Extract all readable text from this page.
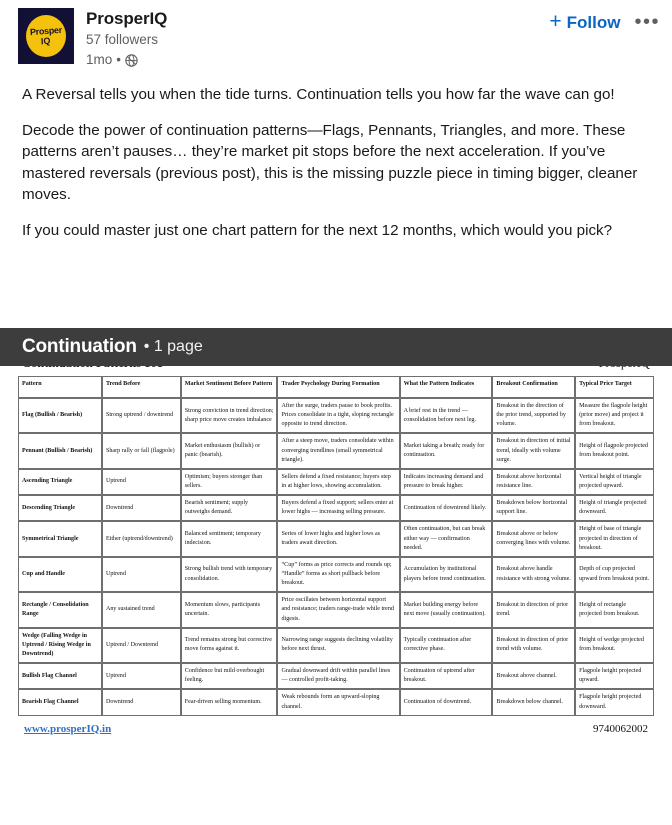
Prosper
IQ
ProsperIQ
57 followers
1mo •
+ Follow •••

A Reversal tells you when the tide turns. Continuation tells you how far the wave can go!

Decode the power of continuation patterns—Flags, Pennants, Triangles, and more. These patterns aren’t pauses… they’re market pit stops before the next acceleration. If you’ve mastered reversals (previous post), this is the missing puzzle piece in timing bigger, cleaner moves.

If you could master just one chart pattern for the next 12 months, which would you pick?

Continuation • 1 page
Pattern	Trend Before	Market Sentiment Before Pattern	Trader Psychology During Formation	What the Pattern Indicates	Breakout Confirmation	Typical Price Target
Flag (Bullish / Bearish)	Strong uptrend / downtrend	Strong conviction in trend direction; sharp price move creates imbalance	After the surge, traders pause to book profits. Prices consolidate in a tight, sloping rectangle opposite to trend direction.	A brief rest in the trend — consolidation before next leg.	Breakout in the direction of the prior trend, supported by volume.	Measure the flagpole height (prior move) and project it from breakout.
Pennant (Bullish / Bearish)	Sharp rally or fall (flagpole)	Market enthusiasm (bullish) or panic (bearish).	After a steep move, traders consolidate within converging trendlines (small symmetrical triangle).	Market taking a breath; ready for continuation.	Breakout in direction of initial trend, ideally with volume surge.	Height of flagpole projected from breakout point.
Ascending Triangle	Uptrend	Optimism; buyers stronger than sellers.	Sellers defend a fixed resistance; buyers step in at higher lows, showing accumulation.	Indicates increasing demand and pressure to break higher.	Breakout above horizontal resistance line.	Vertical height of triangle projected upward.
Descending Triangle	Downtrend	Bearish sentiment; supply outweighs demand.	Buyers defend a fixed support; sellers enter at lower highs — increasing selling pressure.	Continuation of downtrend likely.	Breakdown below horizontal support line.	Height of triangle projected downward.
Symmetrical Triangle	Either (uptrend/downtrend)	Balanced sentiment; temporary indecision.	Series of lower highs and higher lows as traders await direction.	Often continuation, but can break either way — confirmation needed.	Breakout above or below converging lines with volume.	Height of base of triangle projected in direction of breakout.
Cup and Handle	Uptrend	Strong bullish trend with temporary consolidation.	“Cup” forms as price corrects and rounds up; “Handle” forms as short pullback before breakout.	Accumulation by institutional players before trend continuation.	Breakout above handle resistance with strong volume.	Depth of cup projected upward from breakout point.
Rectangle / Consolidation Range	Any sustained trend	Momentum slows, participants uncertain.	Price oscillates between horizontal support and resistance; traders range-trade while trend digests.	Market building energy before next move (usually continuation).	Breakout in direction of prior trend.	Height of rectangle projected from breakout.
Wedge (Falling Wedge in Uptrend / Rising Wedge in Downtrend)	Uptrend / Downtrend	Trend remains strong but corrective move forms against it.	Narrowing range suggests declining volatility before next thrust.	Typically continuation after corrective phase.	Breakout in direction of prior trend with volume.	Height of wedge projected from breakout.
Bullish Flag Channel	Uptrend	Confidence but mild overbought feeling.	Gradual downward drift within parallel lines — controlled profit-taking.	Continuation of uptrend after breakout.	Breakout above channel.	Flagpole height projected upward.
Bearish Flag Channel	Downtrend	Fear-driven selling momentum.	Weak rebounds form an upward-sloping channel.	Continuation of downtrend.	Breakdown below channel.	Flagpole height projected downward.
www.prosperIQ.in	9740062002
